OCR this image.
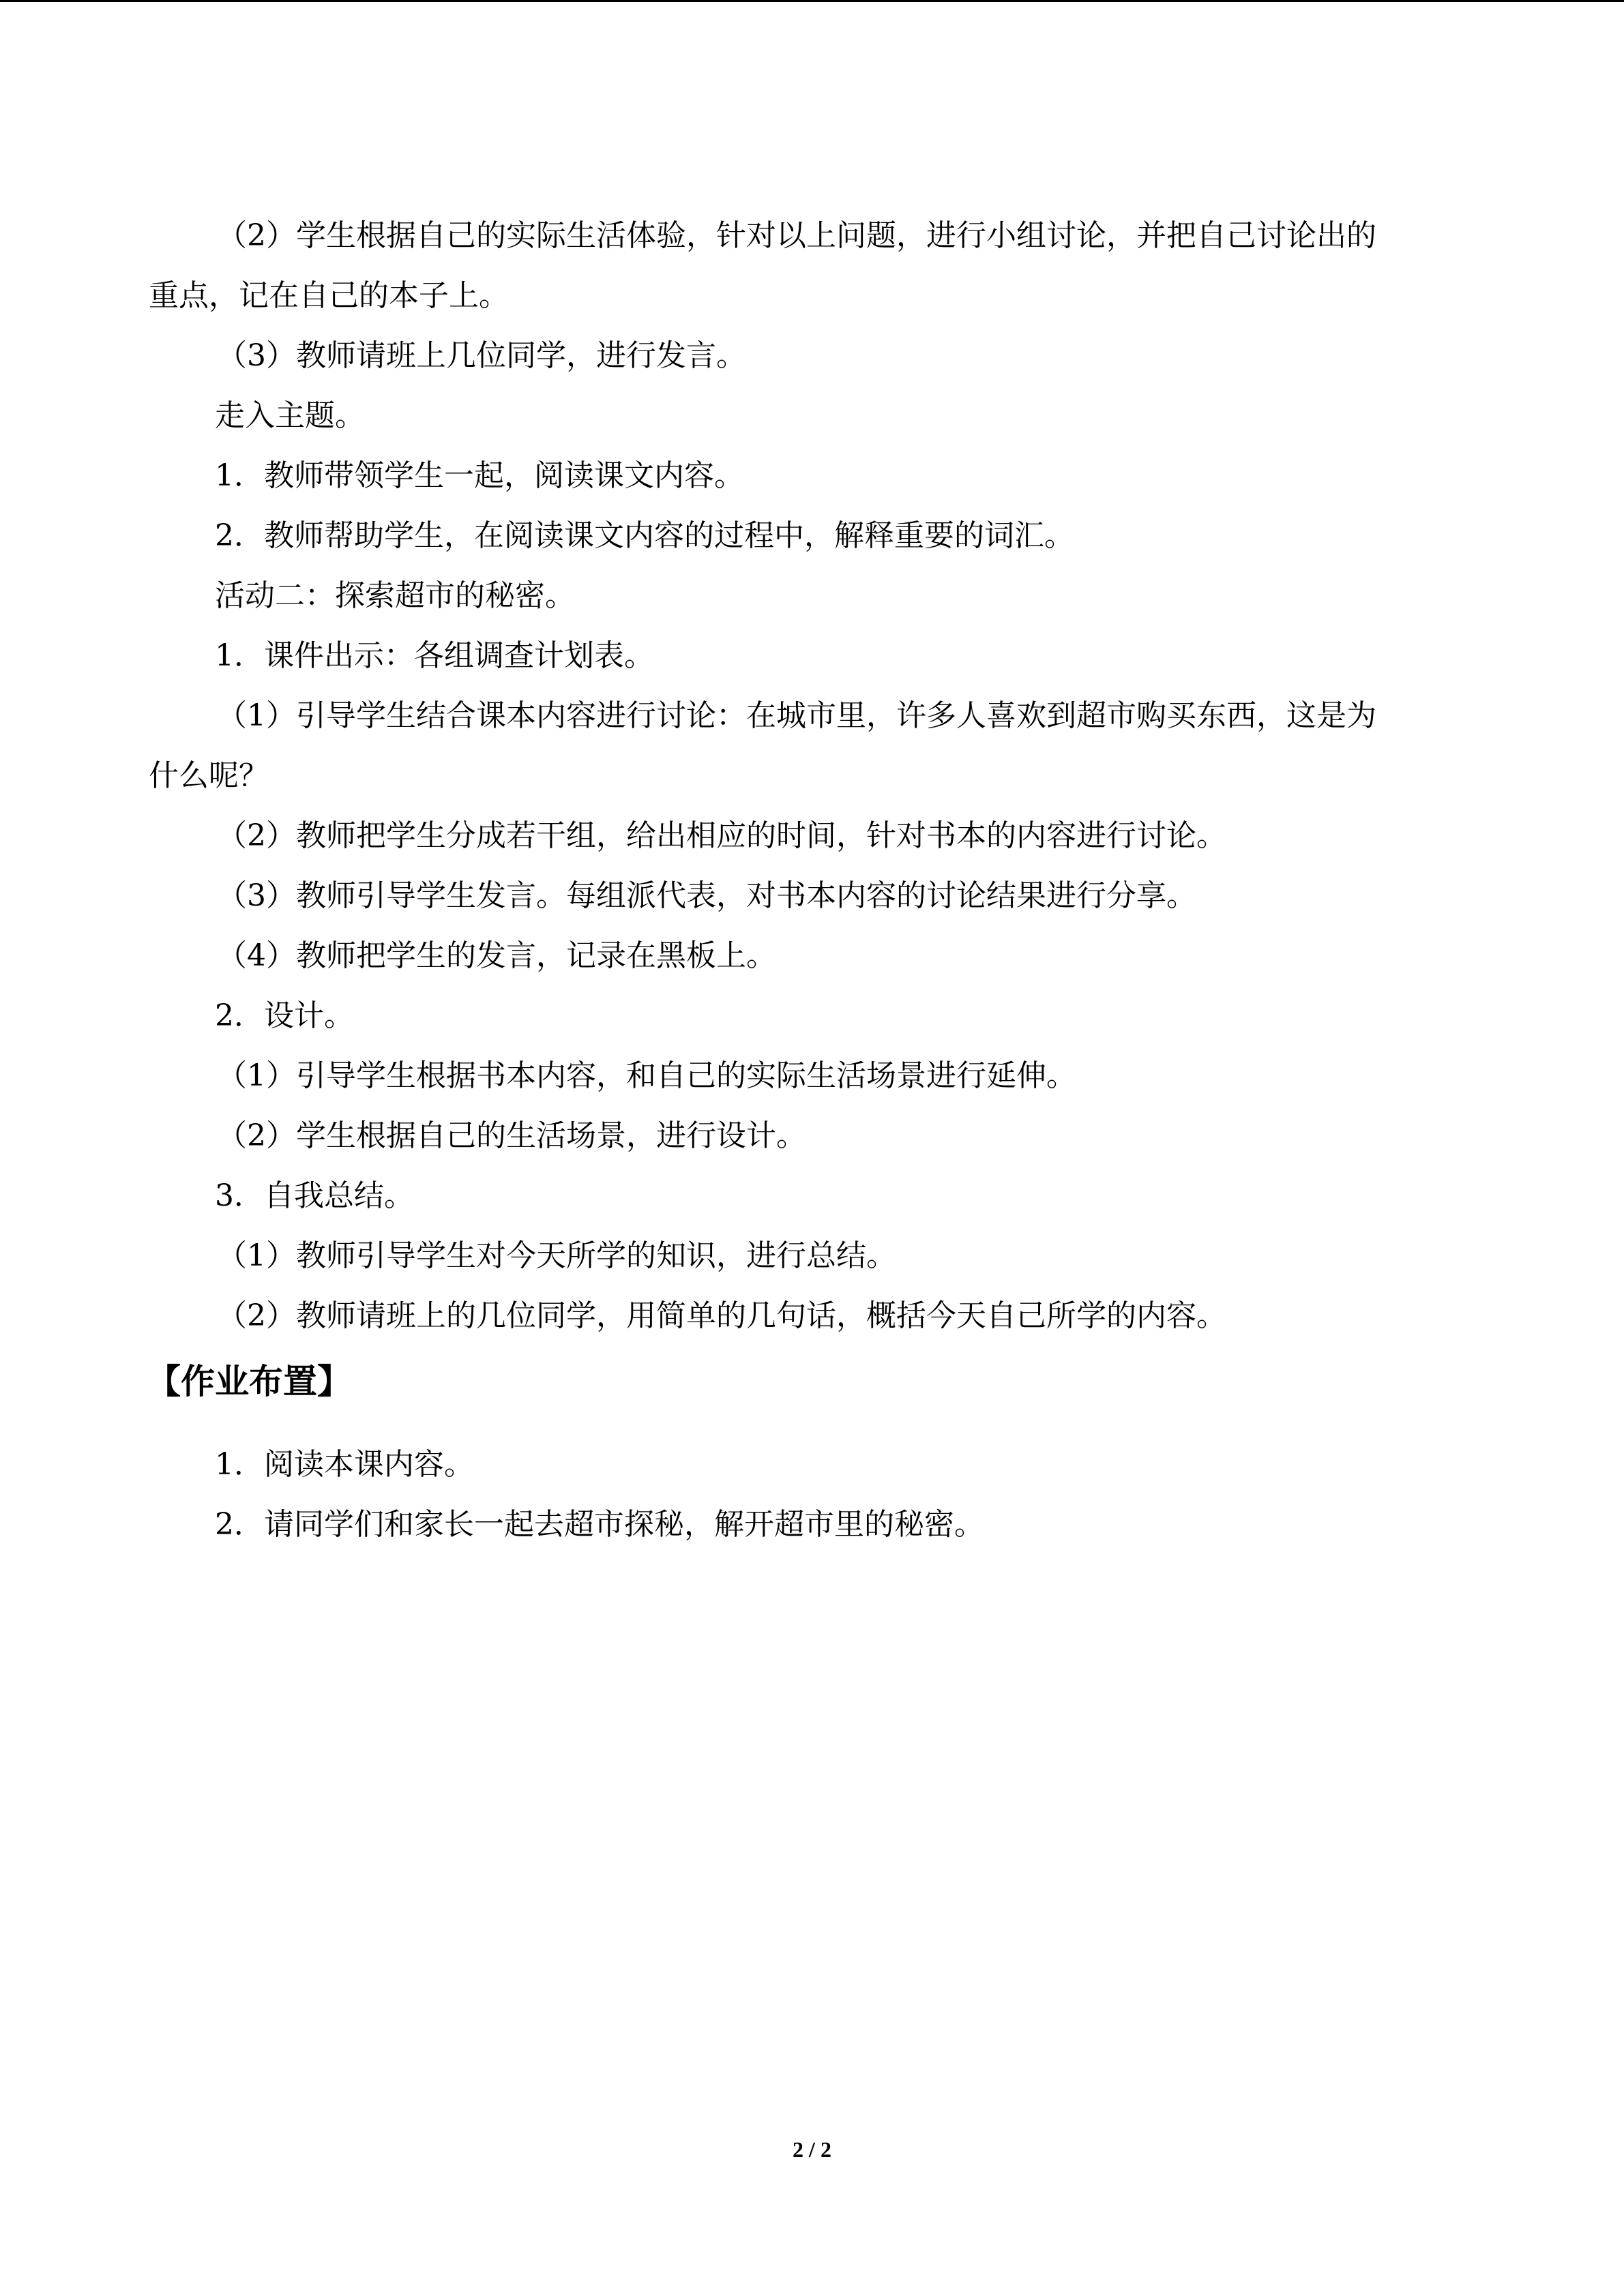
（2）学生根据自己的实际生活体验，针对以上问题，进行小组讨论，并把自己讨论出的
重点，记在自己的本子上。
（3）教师请班上几位同学，进行发言。
走入主题。
1．教师带领学生一起，阅读课文内容。
2．教师帮助学生，在阅读课文内容的过程中，解释重要的词汇。
活动二：探索超市的秘密。
1．课件出示：各组调查计划表。
（1）引导学生结合课本内容进行讨论：在城市里，许多人喜欢到超市购买东西，这是为
什么呢？
（2）教师把学生分成若干组，给出相应的时间，针对书本的内容进行讨论。
（3）教师引导学生发言。每组派代表，对书本内容的讨论结果进行分享。
（4）教师把学生的发言，记录在黑板上。
2．设计。
（1）引导学生根据书本内容，和自己的实际生活场景进行延伸。
（2）学生根据自己的生活场景，进行设计。
3．自我总结。
（1）教师引导学生对今天所学的知识，进行总结。
（2）教师请班上的几位同学，用简单的几句话，概括今天自己所学的内容。
【作业布置】
1．阅读本课内容。
2．请同学们和家长一起去超市探秘，解开超市里的秘密。
2 / 2
